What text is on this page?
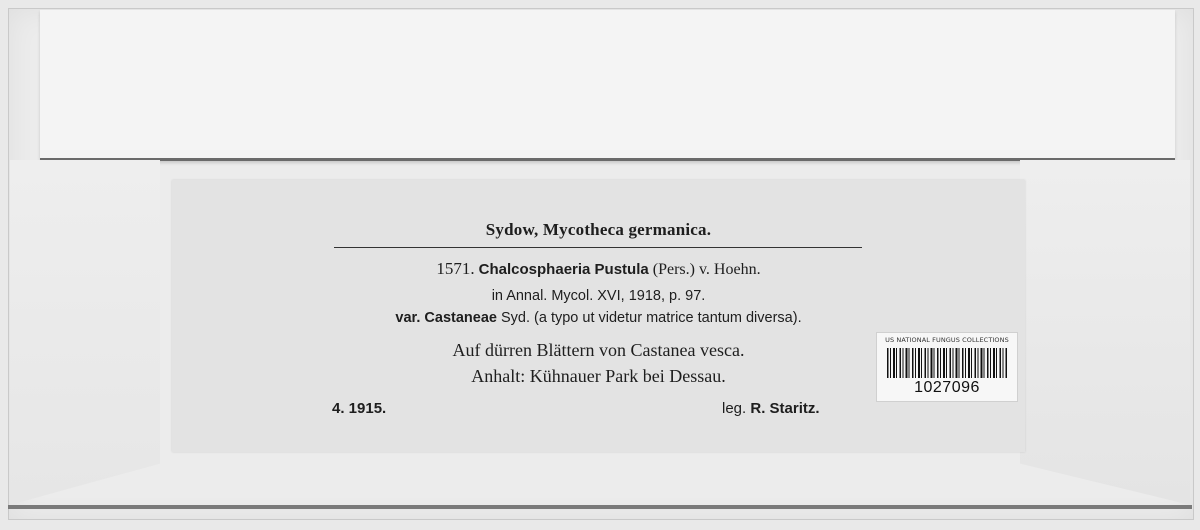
Sydow, Mycotheca germanica.
1571. Chalcosphaeria Pustula (Pers.) v. Hoehn.
in Annal. Mycol. XVI, 1918, p. 97.
var. Castaneae Syd. (a typo ut videtur matrice tantum diversa).
Auf dürren Blättern von Castanea vesca.
Anhalt: Kühnauer Park bei Dessau.
4. 1915.	leg. R. Staritz.
US NATIONAL FUNGUS COLLECTIONS
1027096
